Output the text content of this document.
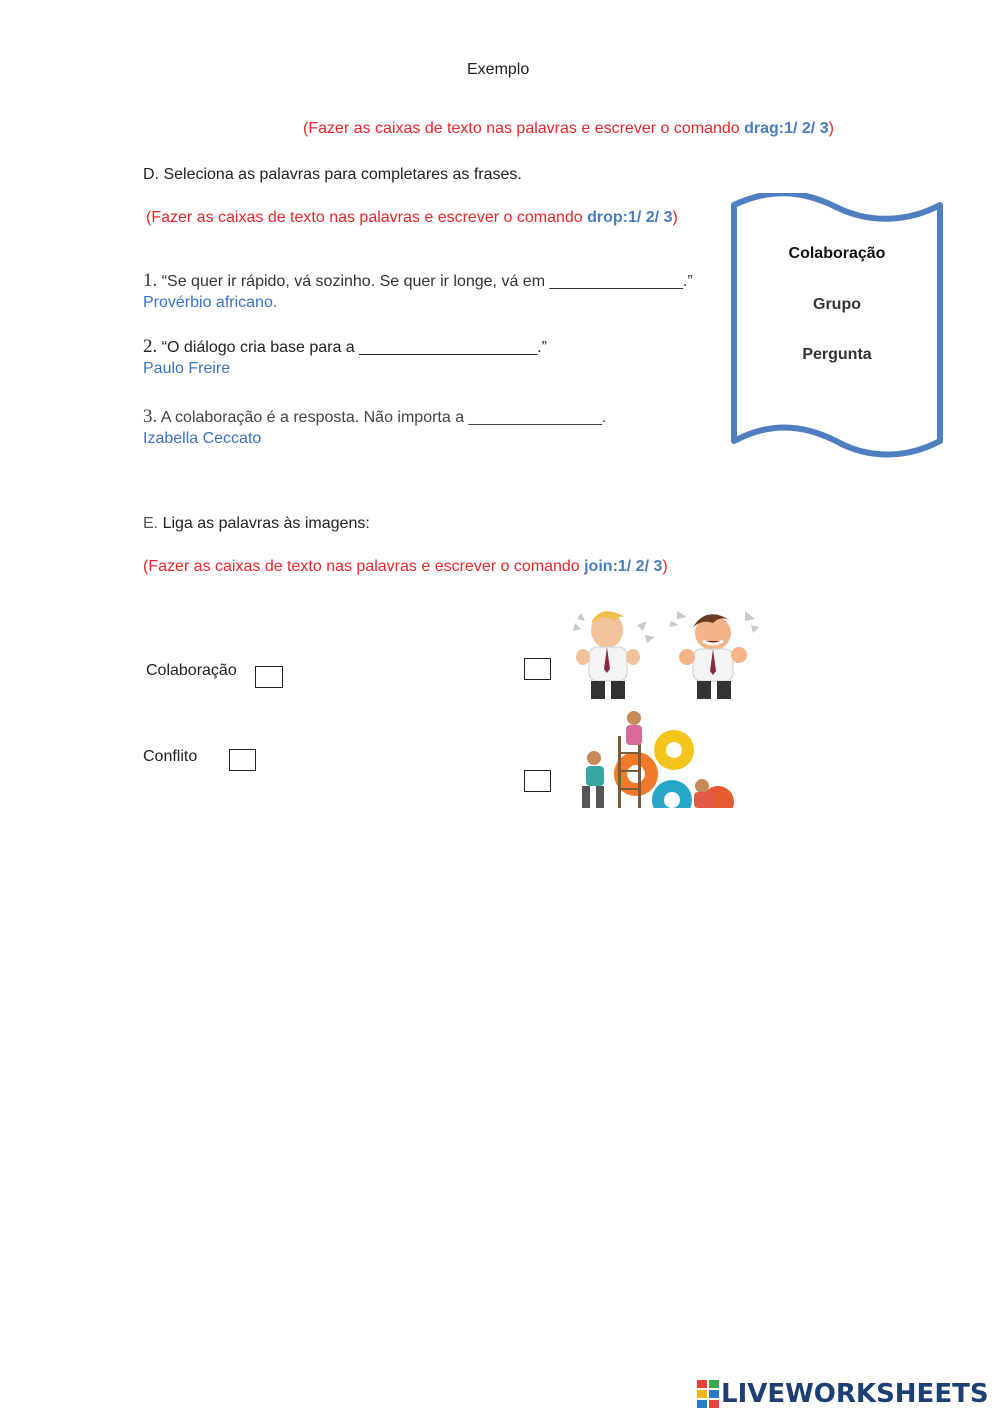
Exemplo
(Fazer as caixas de texto nas palavras e escrever o comando drag:1/ 2/ 3)
D. Seleciona as palavras para completares as frases.
(Fazer as caixas de texto nas palavras e escrever o comando drop:1/ 2/ 3)
1. “Se quer ir rápido, vá sozinho. Se quer ir longe, vá em _______________.”
Provérbio africano.
2. “O diálogo cria base para a ____________________.”
Paulo Freire
3. A colaboração é a resposta. Não importa a _______________.
Izabella Ceccato
Colaboração
Grupo
Pergunta
E. Liga as palavras às imagens:
(Fazer as caixas de texto nas palavras e escrever o comando join:1/ 2/ 3)
Colaboração
Conflito
LIVEWORKSHEETS
